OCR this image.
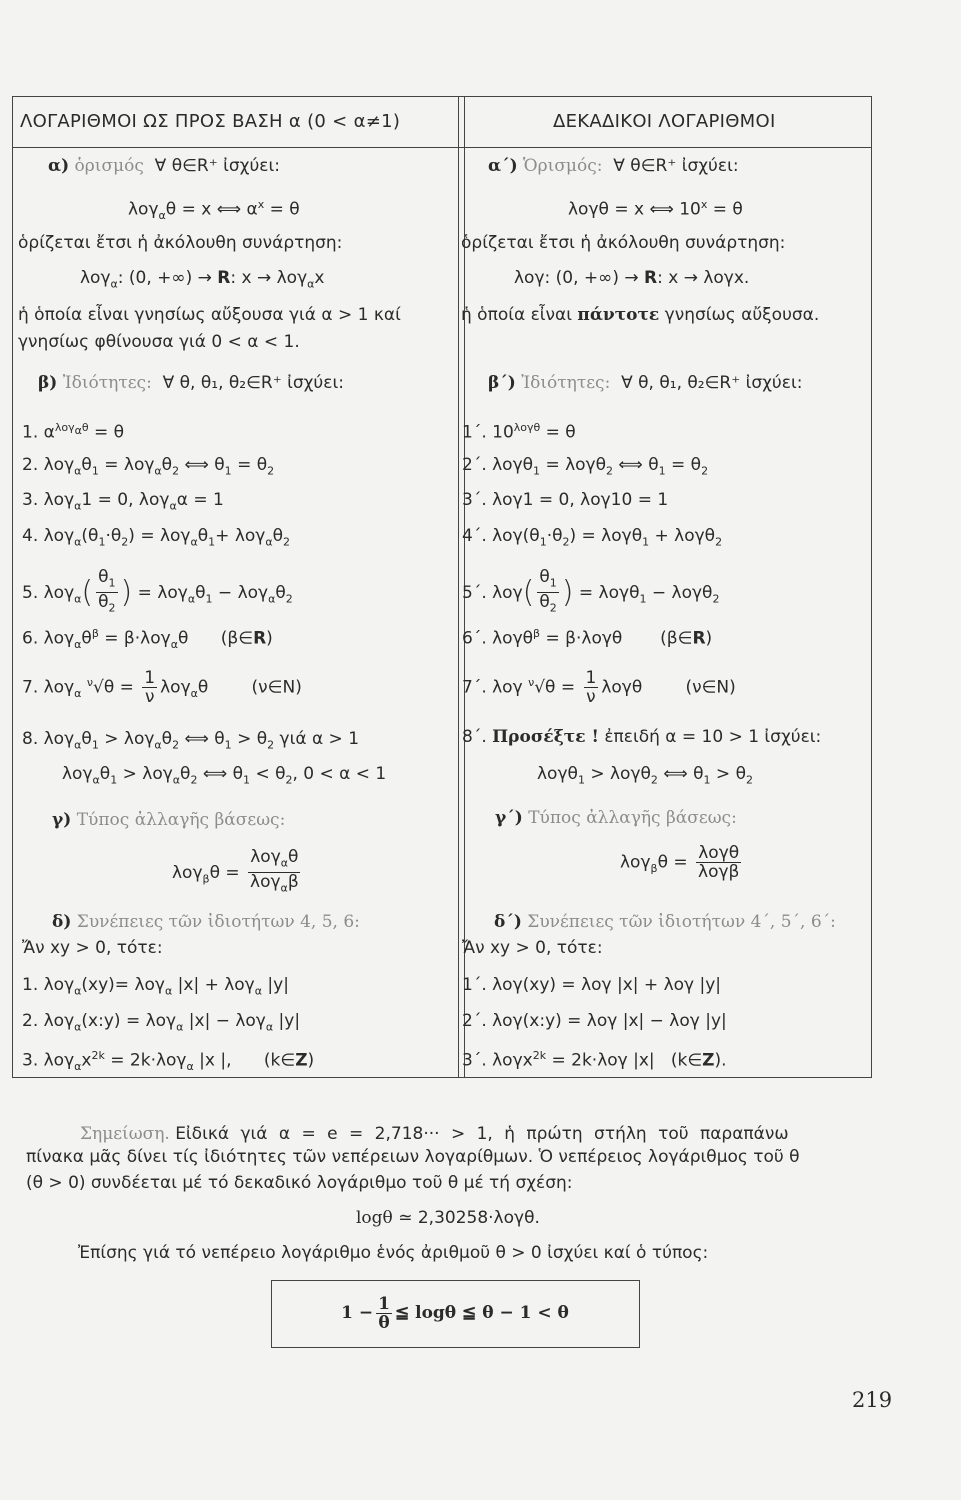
ΛΟΓΑΡΙΘΜΟΙ ΩΣ ΠΡΟΣ ΒΑΣΗ α (0 < α≠1)	ΔΕΚΑΔΙΚΟΙ ΛΟΓΑΡΙΘΜΟΙ
α) ὁρισμός ∀ θ∈R⁺ ἰσχύει:
λογ$_\alpha$θ = x ⟺ $\alpha^x = \theta$
ὁρίζεται ἔτσι ἡ ἀκόλουθη συνάρτηση:
λογ$_\alpha$: (0, +∞) → R: x → λογ$_\alpha$x
ἡ ὁποία εἶναι γνησίως αὔξουσα γιά α > 1 καί
γνησίως φθίνουσα γιά 0 < α < 1.
β) Ἰδιότητες: ∀ θ, θ₁, θ₂∈R⁺ ἰσχύει:
1. $\alpha^{\lambda o\gamma_\alpha\theta} = \theta$
2. $\lambda o\gamma_\alpha\theta_1 = \lambda o\gamma_\alpha\theta_2$ ⟺ $\theta_1 = \theta_2$
3. λογ$_\alpha$1 = 0, λογ$_\alpha$α = 1
4. $\lambda o\gamma_\alpha(\theta_1\cdot\theta_2) = \lambda o\gamma_\alpha\theta_1+ \lambda o\gamma_\alpha\theta_2$
5. $\lambda o\gamma_\alpha( \frac{\theta_1}{\theta_2}$ ) = $\lambda o\gamma_\alpha\theta_1 - \lambda o\gamma_\alpha\theta_2$
6. $\lambda o\gamma_\alpha\theta^\beta = \beta\cdot\lambda o\gamma_\alpha\theta$      (β∈R)
7. λογ$_\alpha$ $^\nu√\theta = \frac{1}{\nu} \lambda o\gamma_\alpha\theta$        (ν∈N)
8. $\lambda o\gamma_\alpha\theta_1 > \lambda o\gamma_\alpha\theta_2$ ⟺ $\theta_1 > \theta_2$ γιά α > 1
$\lambda o\gamma_\alpha\theta_1 > \lambda o\gamma_\alpha\theta_2$ ⟺ $\theta_1 < \theta_2$, 0 < α < 1
γ) Τύπος ἀλλαγῆς βάσεως:
$\lambda o\gamma_\beta\theta = \frac{\lambda o\gamma_\alpha\theta}{\lambda o\gamma_\alpha\beta}$
δ) Συνέπειες τῶν ἰδιοτήτων 4, 5, 6:
Ἄν xy > 0, τότε:
1. λογ$_\alpha$(xy)= λογ$_\alpha$ |x| + λογ$_\alpha$ |y|
2. λογ$_\alpha$(x:y) = λογ$_\alpha$ |x| − λογ$_\alpha$ |y|
3. $\lambda o\gamma_\alpha x^{2k} = 2k\cdot\lambda o\gamma_\alpha$ |x |,      (k∈Z)
α΄) Ὁρισμός: ∀ θ∈R⁺ ἰσχύει:
λογθ = x ⟺ $10^x = \theta$
ὁρίζεται ἔτσι ἡ ἀκόλουθη συνάρτηση:
λογ: (0, +∞) → R: x → λογx.
ἡ ὁποία εἶναι πάντοτε γνησίως αὔξουσα.
β΄) Ἰδιότητες: ∀ θ, θ₁, θ₂∈R⁺ ἰσχύει:
1΄. $10^{\lambda o\gamma\theta} = \theta$
2΄. λογθ$_1$ = λογθ$_2$ ⟺ $\theta_1 = \theta_2$
3΄. λογ1 = 0, λογ10 = 1
4΄. $\lambda o\gamma(\theta_1\cdot\theta_2) = \lambda o\gamma\theta_1 + \lambda o\gamma\theta_2$
5΄. $\lambda o\gamma( \frac{\theta_1}{\theta_2}$ ) = λογθ$_1$ − λογθ$_2$
6΄. λογθ$^\beta$ = β·λογθ       (β∈R)
7΄. λογ $^\nu√\theta = \frac{1}{\nu}$ λογθ        (ν∈N)
8΄. Προσέξτε ! ἐπειδή α = 10 > 1 ἰσχύει:
λογθ$_1$ > λογθ$_2$ ⟺ $\theta_1 > \theta_2$
γ΄) Τύπος ἀλλαγῆς βάσεως:
$\lambda o\gamma_\beta\theta = \frac{\text{λογθ}}{\text{λογβ}}$
δ΄) Συνέπειες τῶν ἰδιοτήτων 4΄, 5΄, 6΄:
Ἄν xy > 0, τότε:
1΄. λογ(xy) = λογ |x| + λογ |y|
2΄. λογ(x:y) = λογ |x| − λογ |y|
3΄. λογx$^{2k}$ = 2k·λογ |x|   (k∈Z).
Σημείωση. Εἰδικά γιά α = e = 2,718··· > 1, ἡ πρώτη στήλη τοῦ παραπάνω
πίνακα μᾶς δίνει τίς ἰδιότητες τῶν νεπέρειων λογαρίθμων. Ὁ νεπέρειος λογάριθμος τοῦ θ
(θ > 0) συνδέεται μέ τό δεκαδικό λογάριθμο τοῦ θ μέ τή σχέση:
logθ ≃ 2,30258·λογθ.
Ἐπίσης γιά τό νεπέρειο λογάριθμο ἑνός ἀριθμοῦ θ > 0 ἰσχύει καί ὁ τύπος:
$1 - \frac{1}{\theta}$ ≦ logθ ≦ θ − 1 < θ
219
